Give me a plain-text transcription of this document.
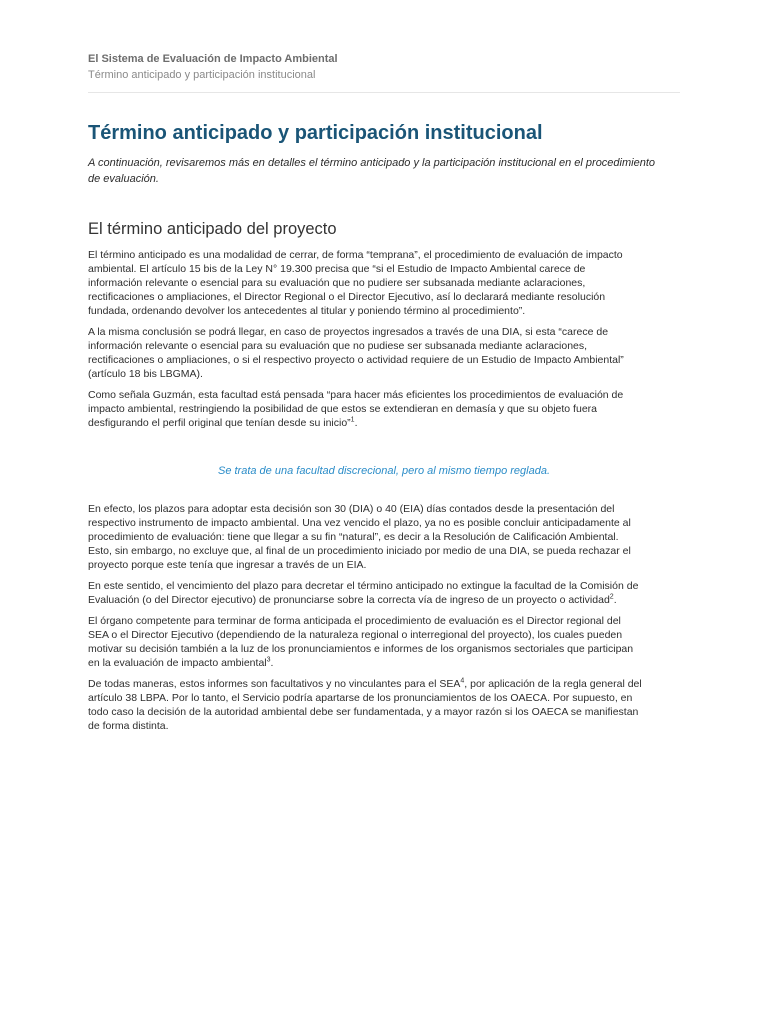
El Sistema de Evaluación de Impacto Ambiental

Término anticipado y participación institucional

Término anticipado y participación institucional

A continuación, revisaremos más en detalles el término anticipado y la participación institucional en el procedimiento
de evaluación.

El término anticipado del proyecto

El término anticipado es una modalidad de cerrar, de forma “temprana”, el procedimiento de evaluación de impacto
ambiental. El artículo 15 bis de la Ley N° 19.300 precisa que “si el Estudio de Impacto Ambiental carece de
información relevante o esencial para su evaluación que no pudiere ser subsanada mediante aclaraciones,
rectificaciones o ampliaciones, el Director Regional o el Director Ejecutivo, así lo declarará mediante resolución
fundada, ordenando devolver los antecedentes al titular y poniendo término al procedimiento”.

A la misma conclusión se podrá llegar, en caso de proyectos ingresados a través de una DIA, si esta “carece de
información relevante o esencial para su evaluación que no pudiese ser subsanada mediante aclaraciones,
rectificaciones o ampliaciones, o si el respectivo proyecto o actividad requiere de un Estudio de Impacto Ambiental”
(artículo 18 bis LBGMA).

Como señala Guzmán, esta facultad está pensada “para hacer más eficientes los procedimientos de evaluación de
impacto ambiental, restringiendo la posibilidad de que estos se extendieran en demasía y que su objeto fuera
desfigurando el perfil original que tenían desde su inicio”$^1$.

Se trata de una facultad discrecional, pero al mismo tiempo reglada.

En efecto, los plazos para adoptar esta decisión son 30 (DIA) o 40 (EIA) días contados desde la presentación del
respectivo instrumento de impacto ambiental. Una vez vencido el plazo, ya no es posible concluir anticipadamente al
procedimiento de evaluación: tiene que llegar a su fin “natural”, es decir a la Resolución de Calificación Ambiental.
Esto, sin embargo, no excluye que, al final de un procedimiento iniciado por medio de una DIA, se pueda rechazar el
proyecto porque este tenía que ingresar a través de un EIA.

En este sentido, el vencimiento del plazo para decretar el término anticipado no extingue la facultad de la Comisión de
Evaluación (o del Director ejecutivo) de pronunciarse sobre la correcta vía de ingreso de un proyecto o actividad$^2$.

El órgano competente para terminar de forma anticipada el procedimiento de evaluación es el Director regional del
SEA o el Director Ejecutivo (dependiendo de la naturaleza regional o interregional del proyecto), los cuales pueden
motivar su decisión también a la luz de los pronunciamientos e informes de los organismos sectoriales que participan
en la evaluación de impacto ambiental$^3$.

De todas maneras, estos informes son facultativos y no vinculantes para el SEA$^4$, por aplicación de la regla general del
artículo 38 LBPA. Por lo tanto, el Servicio podría apartarse de los pronunciamientos de los OAECA. Por supuesto, en
todo caso la decisión de la autoridad ambiental debe ser fundamentada, y a mayor razón si los OAECA se manifiestan
de forma distinta.
